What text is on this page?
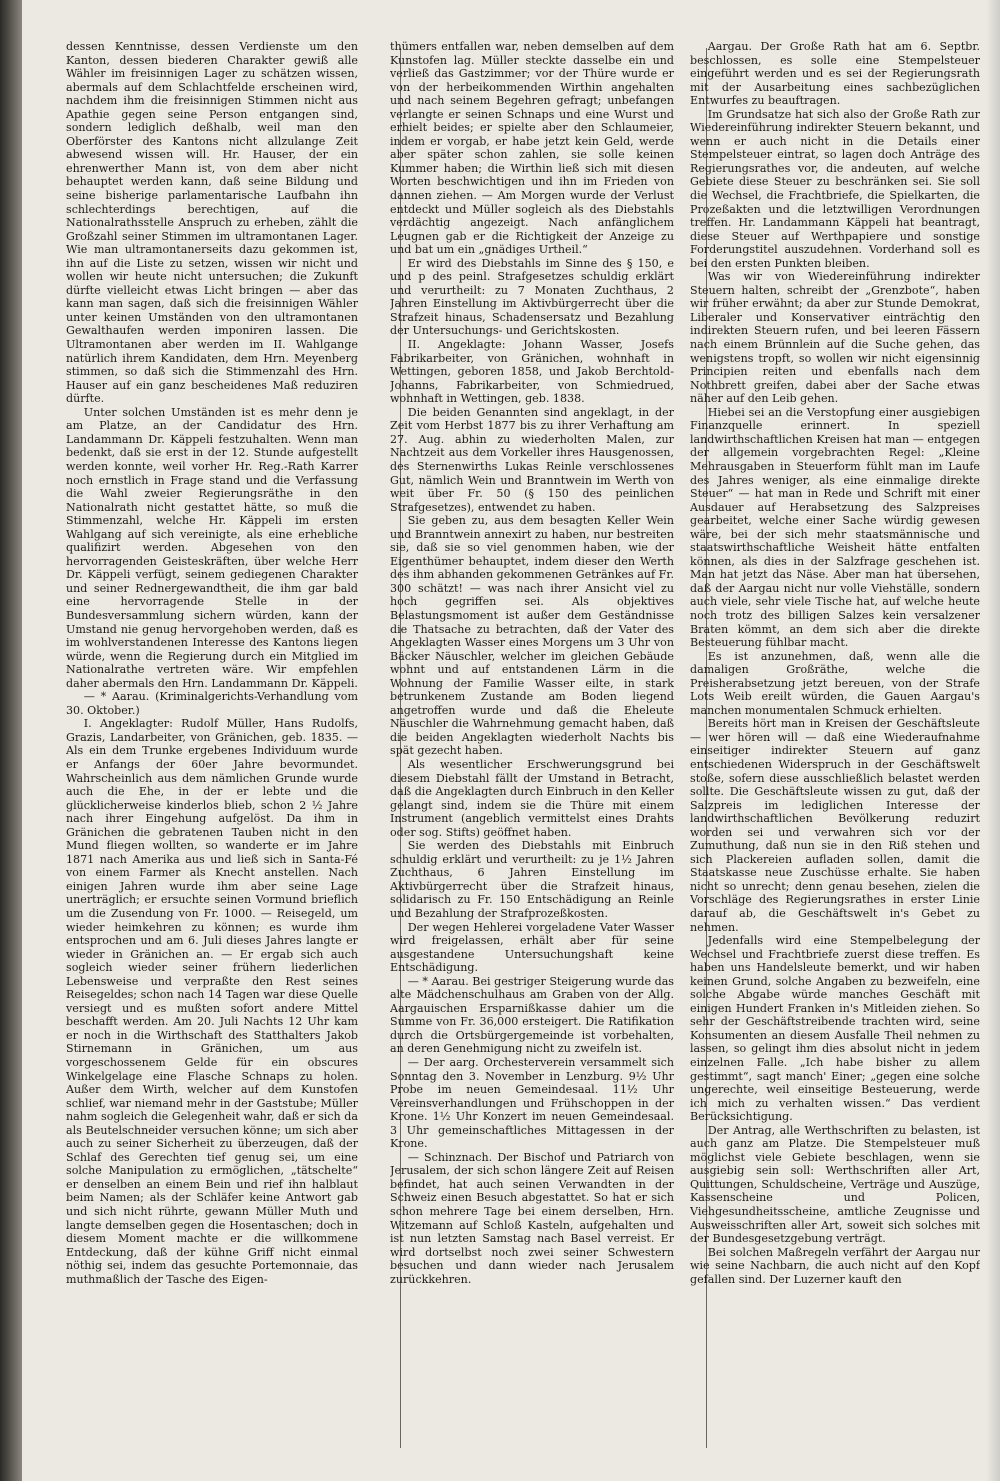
dessen Kenntnisse, dessen Verdienste um den Kanton, dessen biederen Charakter gewiß alle Wähler im freisinnigen Lager zu schätzen wissen, abermals auf dem Schlachtfelde erscheinen wird, nachdem ihm die freisinnigen Stimmen nicht aus Apathie gegen seine Person entgangen sind, sondern lediglich deßhalb, weil man den Oberförster des Kantons nicht allzulange Zeit abwesend wissen will. Hr. Hauser, der ein ehrenwerther Mann ist, von dem aber nicht behauptet werden kann, daß seine Bildung und seine bisherige parlamentarische Laufbahn ihn schlechterdings berechtigen, auf die Nationalrathsstelle Anspruch zu erheben, zählt die Großzahl seiner Stimmen im ultramontanen Lager. Wie man ultramontanerseits dazu gekommen ist, ihn auf die Liste zu setzen, wissen wir nicht und wollen wir heute nicht untersuchen; die Zukunft dürfte vielleicht etwas Licht bringen — aber das kann man sagen, daß sich die freisinnigen Wähler unter keinen Umständen von den ultramontanen Gewalthaufen werden imponiren lassen. Die Ultramontanen aber werden im II. Wahlgange natürlich ihrem Kandidaten, dem Hrn. Meyenberg stimmen, so daß sich die Stimmenzahl des Hrn. Hauser auf ein ganz bescheidenes Maß reduziren dürfte.

Unter solchen Umständen ist es mehr denn je am Platze, an der Candidatur des Hrn. Landammann Dr. Käppeli festzuhalten. Wenn man bedenkt, daß sie erst in der 12. Stunde aufgestellt werden konnte, weil vorher Hr. Reg.-Rath Karrer noch ernstlich in Frage stand und die Verfassung die Wahl zweier Regierungsräthe in den Nationalrath nicht gestattet hätte, so muß die Stimmenzahl, welche Hr. Käppeli im ersten Wahlgang auf sich vereinigte, als eine erhebliche qualifizirt werden. Abgesehen von den hervorragenden Geisteskräften, über welche Herr Dr. Käppeli verfügt, seinem gediegenen Charakter und seiner Rednergewandtheit, die ihm gar bald eine hervorragende Stelle in der Bundesversammlung sichern würden, kann der Umstand nie genug hervorgehoben werden, daß es im wohlverstandenen Interesse des Kantons liegen würde, wenn die Regierung durch ein Mitglied im Nationalrathe vertreten wäre. Wir empfehlen daher abermals den Hrn. Landammann Dr. Käppeli.

— * Aarau. (Kriminalgerichts-Verhandlung vom 30. Oktober.)

I. Angeklagter: Rudolf Müller, Hans Rudolfs, Grazis, Landarbeiter, von Gränichen, geb. 1835. — Als ein dem Trunke ergebenes Individuum wurde er Anfangs der 60er Jahre bevormundet. Wahrscheinlich aus dem nämlichen Grunde wurde auch die Ehe, in der er lebte und die glücklicherweise kinderlos blieb, schon 2 ½ Jahre nach ihrer Eingehung aufgelöst. Da ihm in Gränichen die gebratenen Tauben nicht in den Mund fliegen wollten, so wanderte er im Jahre 1871 nach Amerika aus und ließ sich in Santa-Fé von einem Farmer als Knecht anstellen. Nach einigen Jahren wurde ihm aber seine Lage unerträglich; er ersuchte seinen Vormund brieflich um die Zusendung von Fr. 1000. — Reisegeld, um wieder heimkehren zu können; es wurde ihm entsprochen und am 6. Juli dieses Jahres langte er wieder in Gränichen an. — Er ergab sich auch sogleich wieder seiner frühern liederlichen Lebensweise und verpraßte den Rest seines Reisegeldes; schon nach 14 Tagen war diese Quelle versiegt und es mußten sofort andere Mittel beschafft werden. Am 20. Juli Nachts 12 Uhr kam er noch in die Wirthschaft des Statthalters Jakob Stirnemann in Gränichen, um aus vorgeschossenem Gelde für ein obscures Winkelgelage eine Flasche Schnaps zu holen. Außer dem Wirth, welcher auf dem Kunstofen schlief, war niemand mehr in der Gaststube; Müller nahm sogleich die Gelegenheit wahr, daß er sich da als Beutelschneider versuchen könne; um sich aber auch zu seiner Sicherheit zu überzeugen, daß der Schlaf des Gerechten tief genug sei, um eine solche Manipulation zu ermöglichen, „tätschelte“ er denselben an einem Bein und rief ihn halblaut beim Namen; als der Schläfer keine Antwort gab und sich nicht rührte, gewann Müller Muth und langte demselben gegen die Hosentaschen; doch in diesem Moment machte er die willkommene Entdeckung, daß der kühne Griff nicht einmal nöthig sei, indem das gesuchte Portemonnaie, das muthmaßlich der Tasche des Eigen-

thümers entfallen war, neben demselben auf dem Kunstofen lag. Müller steckte dasselbe ein und verließ das Gastzimmer; vor der Thüre wurde er von der herbeikommenden Wirthin angehalten und nach seinem Begehren gefragt; unbefangen verlangte er seinen Schnaps und eine Wurst und erhielt beides; er spielte aber den Schlaumeier, indem er vorgab, er habe jetzt kein Geld, werde aber später schon zahlen, sie solle keinen Kummer haben; die Wirthin ließ sich mit diesen Worten beschwichtigen und ihn im Frieden von dannen ziehen. — Am Morgen wurde der Verlust entdeckt und Müller sogleich als des Diebstahls verdächtig angezeigt. Nach anfänglichem Leugnen gab er die Richtigkeit der Anzeige zu und bat um ein „gnädiges Urtheil.“

Er wird des Diebstahls im Sinne des § 150, e und p des peinl. Strafgesetzes schuldig erklärt und verurtheilt: zu 7 Monaten Zuchthaus, 2 Jahren Einstellung im Aktivbürgerrecht über die Strafzeit hinaus, Schadensersatz und Bezahlung der Untersuchungs- und Gerichtskosten.

II. Angeklagte: Johann Wasser, Josefs Fabrikarbeiter, von Gränichen, wohnhaft in Wettingen, geboren 1858, und Jakob Berchtold-Johanns, Fabrikarbeiter, von Schmiedrued, wohnhaft in Wettingen, geb. 1838.

Die beiden Genannten sind angeklagt, in der Zeit vom Herbst 1877 bis zu ihrer Verhaftung am 27. Aug. abhin zu wiederholten Malen, zur Nachtzeit aus dem Vorkeller ihres Hausgenossen, des Sternenwirths Lukas Reinle verschlossenes Gut, nämlich Wein und Branntwein im Werth von weit über Fr. 50 (§ 150 des peinlichen Strafgesetzes), entwendet zu haben.

Sie geben zu, aus dem besagten Keller Wein und Branntwein annexirt zu haben, nur bestreiten sie, daß sie so viel genommen haben, wie der Eigenthümer behauptet, indem dieser den Werth des ihm abhanden gekommenen Getränkes auf Fr. 300 schätzt! — was nach ihrer Ansicht viel zu hoch gegriffen sei. Als objektives Belastungsmoment ist außer dem Geständnisse die Thatsache zu betrachten, daß der Vater des Angeklagten Wasser eines Morgens um 3 Uhr von Bäcker Näuschler, welcher im gleichen Gebäude wohnt und auf entstandenen Lärm in die Wohnung der Familie Wasser eilte, in stark betrunkenem Zustande am Boden liegend angetroffen wurde und daß die Eheleute Näuschler die Wahrnehmung gemacht haben, daß die beiden Angeklagten wiederholt Nachts bis spät gezecht haben.

Als wesentlicher Erschwerungsgrund bei diesem Diebstahl fällt der Umstand in Betracht, daß die Angeklagten durch Einbruch in den Keller gelangt sind, indem sie die Thüre mit einem Instrument (angeblich vermittelst eines Drahts oder sog. Stifts) geöffnet haben.

Sie werden des Diebstahls mit Einbruch schuldig erklärt und verurtheilt: zu je 1½ Jahren Zuchthaus, 6 Jahren Einstellung im Aktivbürgerrecht über die Strafzeit hinaus, solidarisch zu Fr. 150 Entschädigung an Reinle und Bezahlung der Strafprozeßkosten.

Der wegen Hehlerei vorgeladene Vater Wasser wird freigelassen, erhält aber für seine ausgestandene Untersuchungshaft keine Entschädigung.

— * Aarau. Bei gestriger Steigerung wurde das alte Mädchenschulhaus am Graben von der Allg. Aargauischen Ersparnißkasse dahier um die Summe von Fr. 36,000 ersteigert. Die Ratifikation durch die Ortsbürgergemeinde ist vorbehalten, an deren Genehmigung nicht zu zweifeln ist.

— Der aarg. Orchesterverein versammelt sich Sonntag den 3. November in Lenzburg. 9½ Uhr Probe im neuen Gemeindesaal. 11½ Uhr Vereinsverhandlungen und Frühschoppen in der Krone. 1½ Uhr Konzert im neuen Gemeindesaal. 3 Uhr gemeinschaftliches Mittagessen in der Krone.

— Schinznach. Der Bischof und Patriarch von Jerusalem, der sich schon längere Zeit auf Reisen befindet, hat auch seinen Verwandten in der Schweiz einen Besuch abgestattet. So hat er sich schon mehrere Tage bei einem derselben, Hrn. Witzemann auf Schloß Kasteln, aufgehalten und ist nun letzten Samstag nach Basel verreist. Er wird dortselbst noch zwei seiner Schwestern besuchen und dann wieder nach Jerusalem zurückkehren.

Aargau. Der Große Rath hat am 6. Septbr. beschlossen, es solle eine Stempelsteuer eingeführt werden und es sei der Regierungsrath mit der Ausarbeitung eines sachbezüglichen Entwurfes zu beauftragen.

Im Grundsatze hat sich also der Große Rath zur Wiedereinführung indirekter Steuern bekannt, und wenn er auch nicht in die Details einer Stempelsteuer eintrat, so lagen doch Anträge des Regierungsrathes vor, die andeuten, auf welche Gebiete diese Steuer zu beschränken sei. Sie soll die Wechsel, die Frachtbriefe, die Spielkarten, die Prozeßakten und die letztwilligen Verordnungen treffen. Hr. Landammann Käppeli hat beantragt, diese Steuer auf Werthpapiere und sonstige Forderungstitel auszudehnen. Vorderhand soll es bei den ersten Punkten bleiben.

Was wir von Wiedereinführung indirekter Steuern halten, schreibt der „Grenzbote“, haben wir früher erwähnt; da aber zur Stunde Demokrat, Liberaler und Konservativer einträchtig den indirekten Steuern rufen, und bei leeren Fässern nach einem Brünnlein auf die Suche gehen, das wenigstens tropft, so wollen wir nicht eigensinnig Principien reiten und ebenfalls nach dem Nothbrett greifen, dabei aber der Sache etwas näher auf den Leib gehen.

Hiebei sei an die Verstopfung einer ausgiebigen Finanzquelle erinnert. In speziell landwirthschaftlichen Kreisen hat man — entgegen der allgemein vorgebrachten Regel: „Kleine Mehrausgaben in Steuerform fühlt man im Laufe des Jahres weniger, als eine einmalige direkte Steuer“ — hat man in Rede und Schrift mit einer Ausdauer auf Herabsetzung des Salzpreises gearbeitet, welche einer Sache würdig gewesen wäre, bei der sich mehr staatsmännische und staatswirthschaftliche Weisheit hätte entfalten können, als dies in der Salzfrage geschehen ist. Man hat jetzt das Näse. Aber man hat übersehen, daß der Aargau nicht nur volle Viehställe, sondern auch viele, sehr viele Tische hat, auf welche heute noch trotz des billigen Salzes kein versalzener Braten kömmt, an dem sich aber die direkte Besteuerung fühlbar macht.

Es ist anzunehmen, daß, wenn alle die damaligen Großräthe, welche die Preisherabsetzung jetzt bereuen, von der Strafe Lots Weib ereilt würden, die Gauen Aargau's manchen monumentalen Schmuck erhielten.

Bereits hört man in Kreisen der Geschäftsleute — wer hören will — daß eine Wiederaufnahme einseitiger indirekter Steuern auf ganz entschiedenen Widerspruch in der Geschäftswelt stoße, sofern diese ausschließlich belastet werden sollte. Die Geschäftsleute wissen zu gut, daß der Salzpreis im lediglichen Interesse der landwirthschaftlichen Bevölkerung reduzirt worden sei und verwahren sich vor der Zumuthung, daß nun sie in den Riß stehen und sich Plackereien aufladen sollen, damit die Staatskasse neue Zuschüsse erhalte. Sie haben nicht so unrecht; denn genau besehen, zielen die Vorschläge des Regierungsrathes in erster Linie darauf ab, die Geschäftswelt in's Gebet zu nehmen.

Jedenfalls wird eine Stempelbelegung der Wechsel und Frachtbriefe zuerst diese treffen. Es haben uns Handelsleute bemerkt, und wir haben keinen Grund, solche Angaben zu bezweifeln, eine solche Abgabe würde manches Geschäft mit einigen Hundert Franken in's Mitleiden ziehen. So sehr der Geschäftstreibende trachten wird, seine Konsumenten an diesem Ausfalle Theil nehmen zu lassen, so gelingt ihm dies absolut nicht in jedem einzelnen Falle. „Ich habe bisher zu allem gestimmt“, sagt manch' Einer; „gegen eine solche ungerechte, weil einseitige Besteuerung, werde ich mich zu verhalten wissen.“ Das verdient Berücksichtigung.

Der Antrag, alle Werthschriften zu belasten, ist auch ganz am Platze. Die Stempelsteuer muß möglichst viele Gebiete beschlagen, wenn sie ausgiebig sein soll: Werthschriften aller Art, Quittungen, Schuldscheine, Verträge und Auszüge, Kassenscheine und Policen, Viehgesundheitsscheine, amtliche Zeugnisse und Ausweisschriften aller Art, soweit sich solches mit der Bundesgesetzgebung verträgt.

Bei solchen Maßregeln verfährt der Aargau nur wie seine Nachbarn, die auch nicht auf den Kopf gefallen sind. Der Luzerner kauft den
